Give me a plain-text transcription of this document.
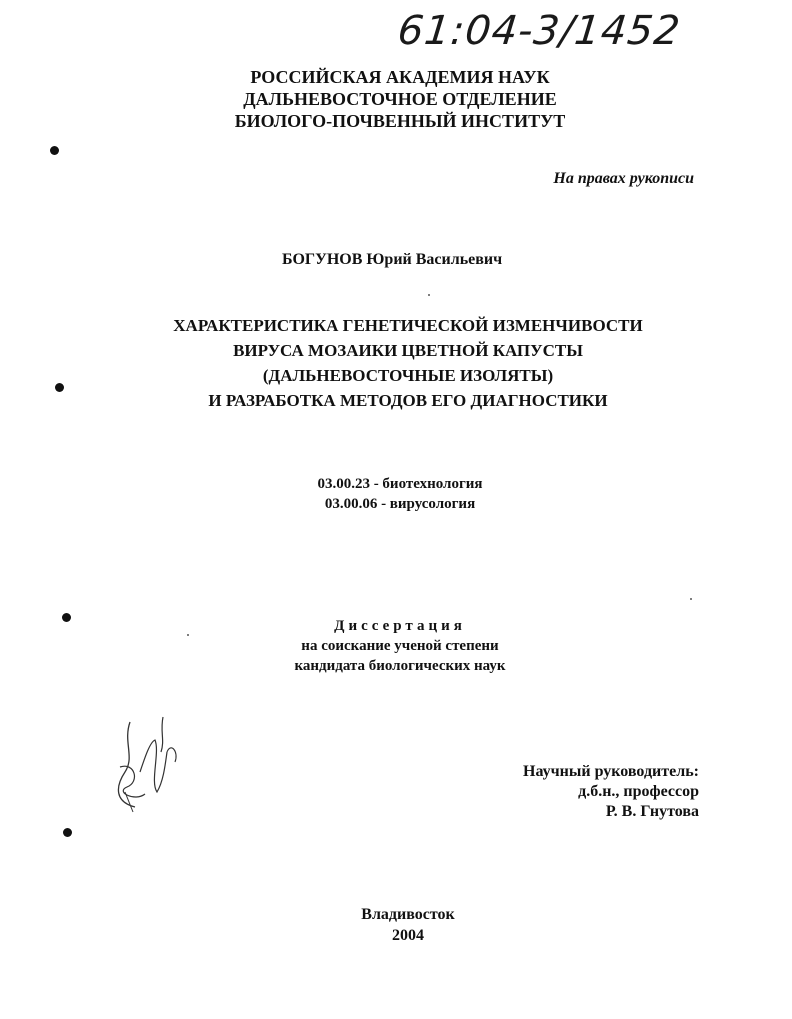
61:04-3/1452
РОССИЙСКАЯ АКАДЕМИЯ НАУК
ДАЛЬНЕВОСТОЧНОЕ ОТДЕЛЕНИЕ
БИОЛОГО-ПОЧВЕННЫЙ ИНСТИТУТ
На правах рукописи
БОГУНОВ Юрий Васильевич
ХАРАКТЕРИСТИКА ГЕНЕТИЧЕСКОЙ ИЗМЕНЧИВОСТИ
ВИРУСА МОЗАИКИ ЦВЕТНОЙ КАПУСТЫ
(ДАЛЬНЕВОСТОЧНЫЕ ИЗОЛЯТЫ)
И РАЗРАБОТКА МЕТОДОВ ЕГО ДИАГНОСТИКИ
03.00.23 - биотехнология
03.00.06 - вирусология
Диссертация
на соискание ученой степени
кандидата биологических наук
Научный руководитель:
д.б.н., профессор
Р. В. Гнутова
Владивосток
2004
